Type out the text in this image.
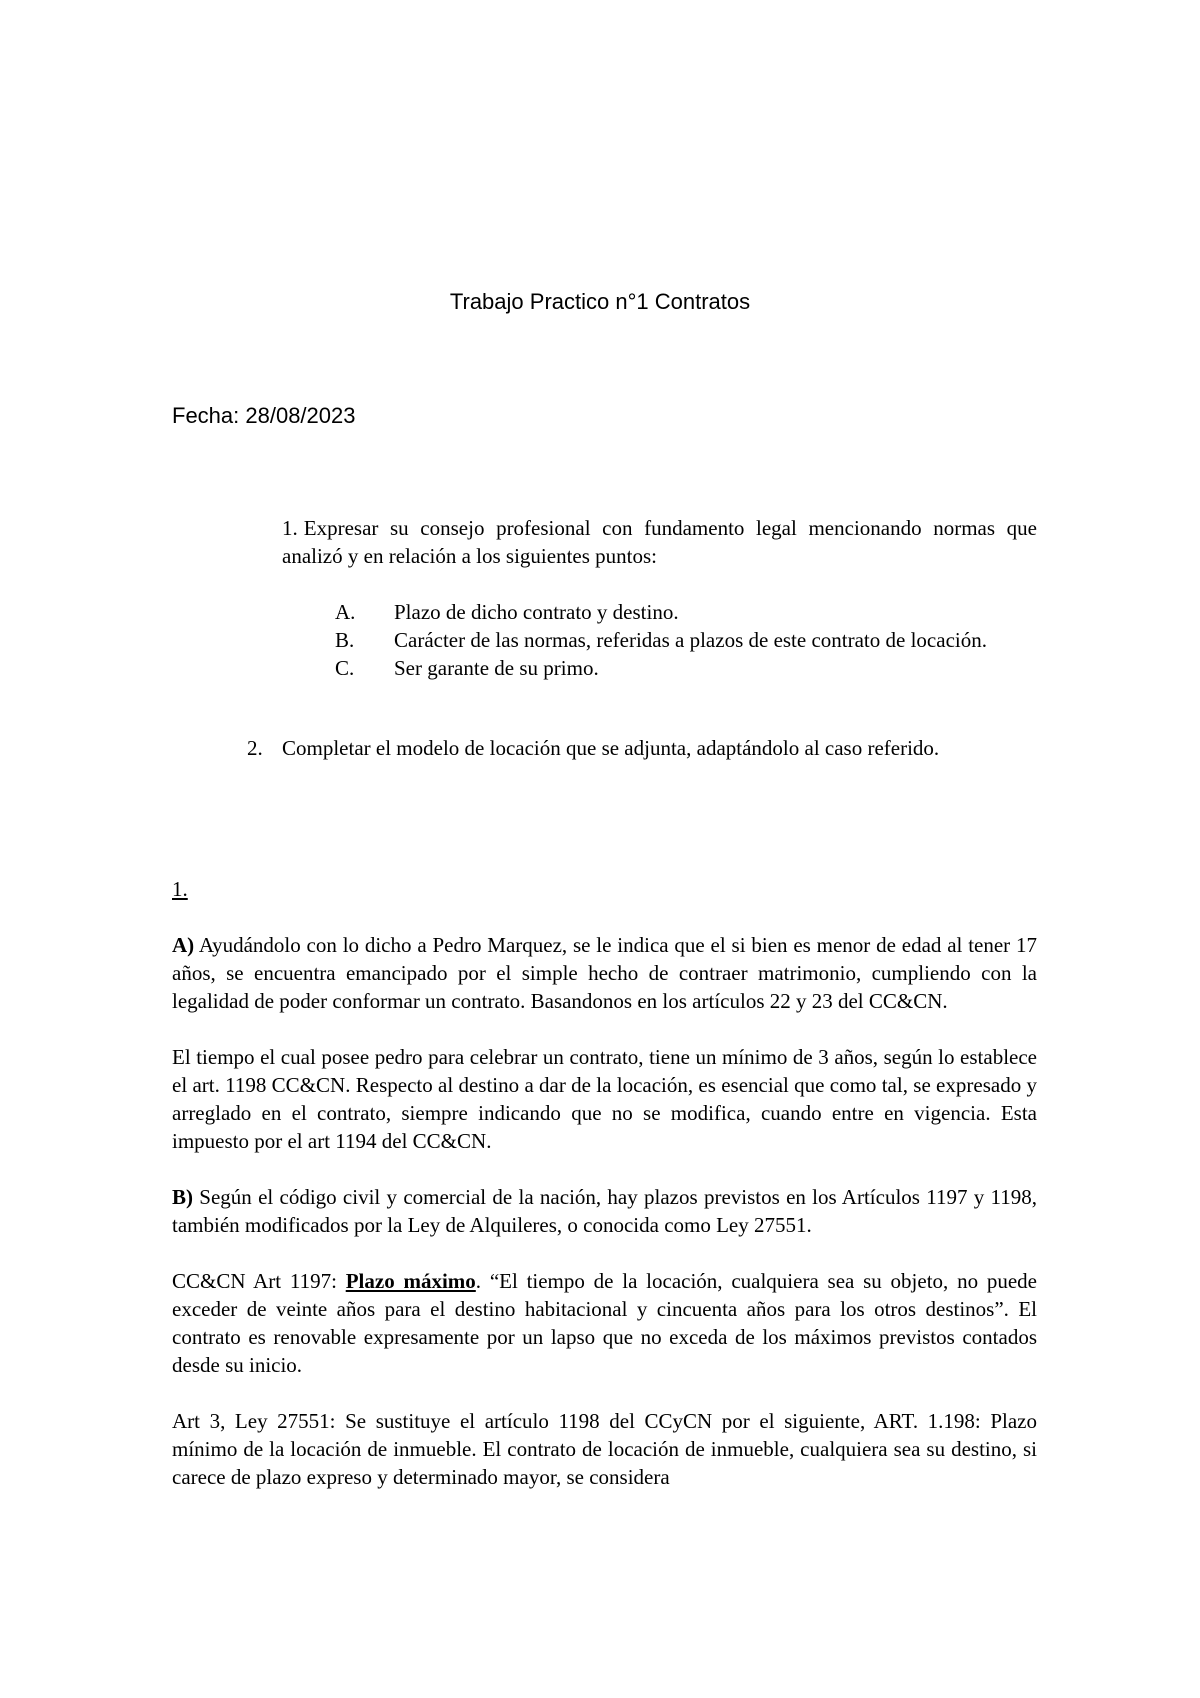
Trabajo Practico n°1 Contratos
Fecha: 28/08/2023
1. Expresar su consejo profesional con fundamento legal mencionando normas que analizó y en relación a los siguientes puntos:
A. Plazo de dicho contrato y destino.
B. Carácter de las normas, referidas a plazos de este contrato de locación.
C. Ser garante de su primo.
2. Completar el modelo de locación que se adjunta, adaptándolo al caso referido.

1.

A) Ayudándolo con lo dicho a Pedro Marquez, se le indica que el si bien es menor de edad al tener 17 años, se encuentra emancipado por el simple hecho de contraer matrimonio, cumpliendo con la legalidad de poder conformar un contrato. Basandonos en los artículos 22 y 23 del CC&CN.

El tiempo el cual posee pedro para celebrar un contrato, tiene un mínimo de 3 años, según lo establece el art. 1198 CC&CN. Respecto al destino a dar de la locación, es esencial que como tal, se expresado y arreglado en el contrato, siempre indicando que no se modifica, cuando entre en vigencia. Esta impuesto por el art 1194 del CC&CN.

B) Según el código civil y comercial de la nación, hay plazos previstos en los Artículos 1197 y 1198, también modificados por la Ley de Alquileres, o conocida como Ley 27551.

CC&CN Art 1197: Plazo máximo. “El tiempo de la locación, cualquiera sea su objeto, no puede exceder de veinte años para el destino habitacional y cincuenta años para los otros destinos”. El contrato es renovable expresamente por un lapso que no exceda de los máximos previstos contados desde su inicio.

Art 3, Ley 27551: Se sustituye el artículo 1198 del CCyCN por el siguiente, ART. 1.198: Plazo mínimo de la locación de inmueble. El contrato de locación de inmueble, cualquiera sea su destino, si carece de plazo expreso y determinado mayor, se considera
